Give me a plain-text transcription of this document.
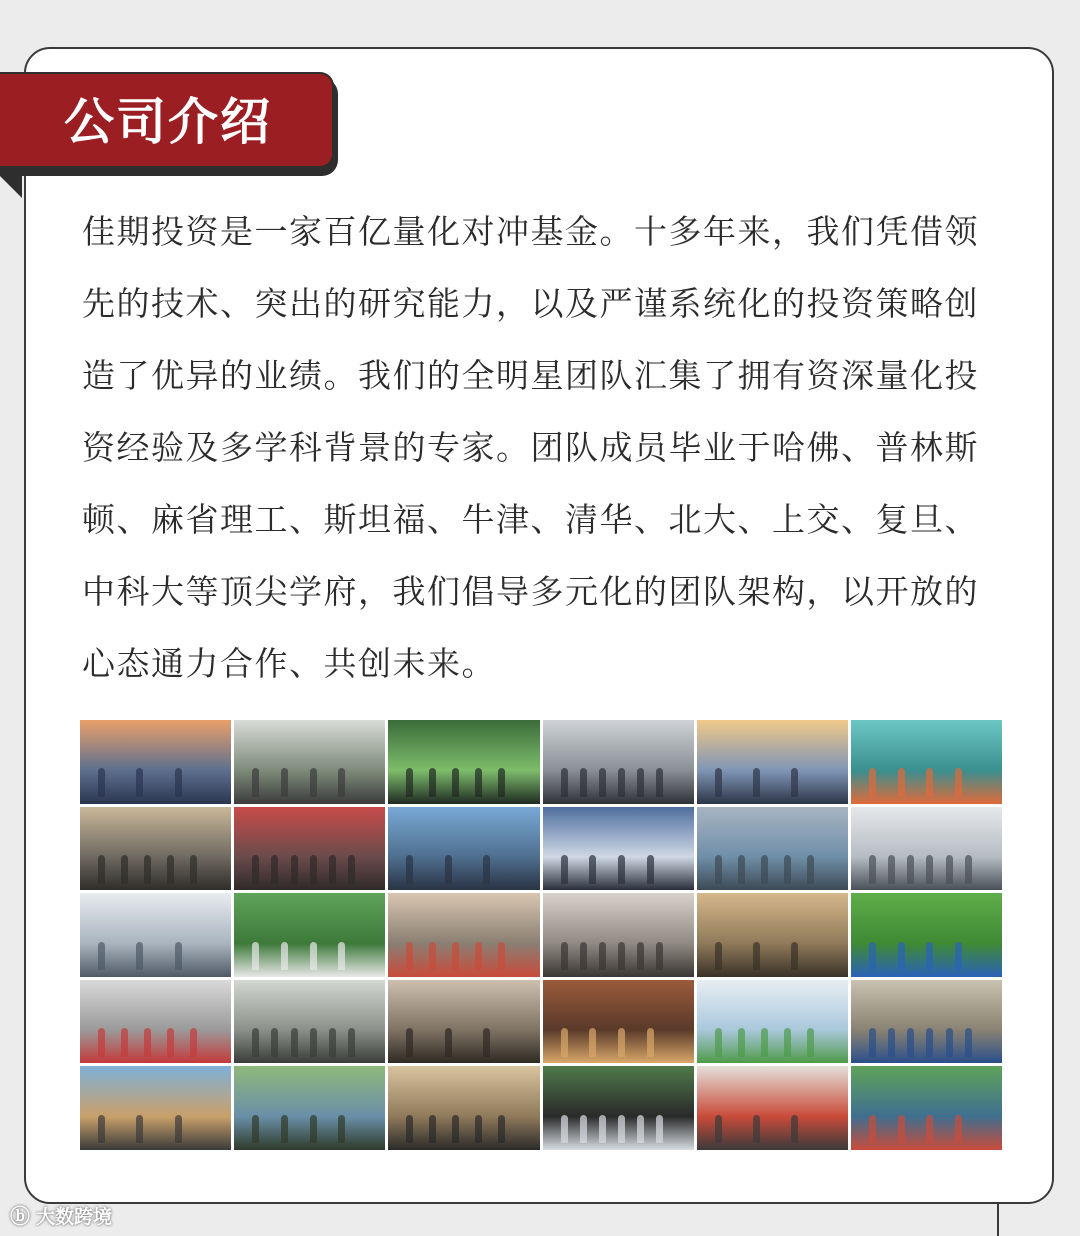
公司介绍
佳期投资是一家百亿量化对冲基金。十多年来，我们凭借领
先的技术、突出的研究能力，以及严谨系统化的投资策略创
造了优异的业绩。我们的全明星团队汇集了拥有资深量化投
资经验及多学科背景的专家。团队成员毕业于哈佛、普林斯
顿、麻省理工、斯坦福、牛津、清华、北大、上交、复旦、
中科大等顶尖学府，我们倡导多元化的团队架构，以开放的
心态通力合作、共创未来。
ⓑ 大数跨境
